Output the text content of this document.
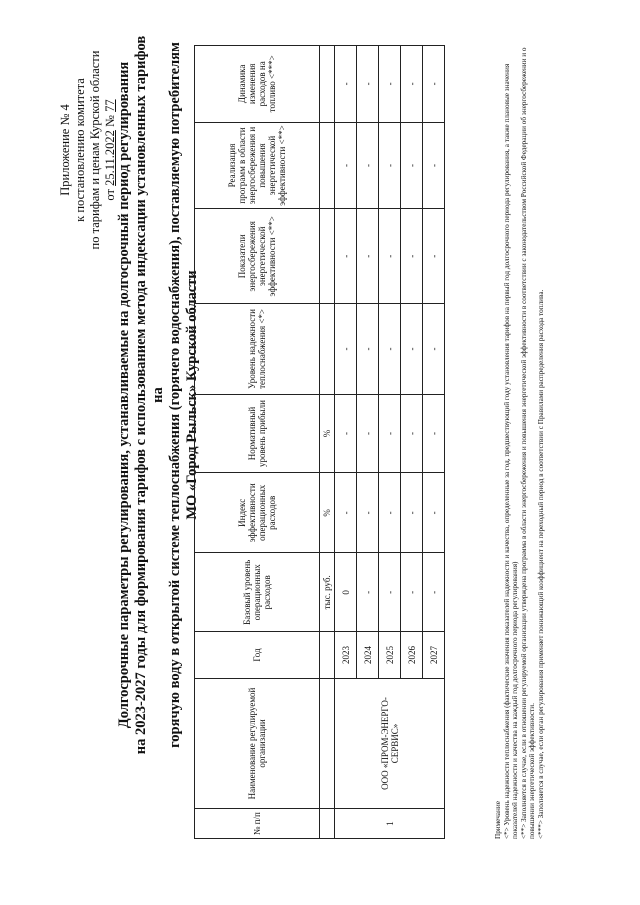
Приложение № 4 к постановлению комитета по тарифам и ценам Курской области от 25.11.2022 № 77 Долгосрочные параметры регулирования, устанавливаемые на долгосрочный период регулирования на 2023-2027 годы для формирования тарифов с использованием метода индексации установленных тарифов на горячую воду в открытой системе теплоснабжения (горячего водоснабжения), поставляемую потребителям МО «Город Рыльск» Курской области
№ п/п	Наименование регулируемой организации	Год	Базовый уровень операционных расходов	Индекс эффективности операционных расходов	Нормативный уровень прибыли	Уровень надежности теплоснабжения <*>	Показатели энергосбережения энергетической эффективности <**>	Реализация программ в области энергосбережения и повышения энергетической эффективности <**>	Динамика изменения расходов на топливо <***>
			тыс. руб.	%	%				
1	ООО «ПРОМ-ЭНЕРГО-СЕРВИС»	2023	0	-	-	-	-	-	-
		2024	-	-	-	-	-	-	-
		2025	-	-	-	-	-	-	-
		2026	-	-	-	-	-	-	-
		2027	-	-	-	-	-	-	-
Примечание <*> Уровень надежности теплоснабжения (фактические значения показателей надежности и качества, определенные за год, предшествующий году установления тарифов на первый год долгосрочного периода регулирования, а также плановые значения показателей надежности и качества на каждый год долгосрочного периода регулирования) <**> Заполняется в случае, если в отношении регулируемой организации утверждена программа в области энергосбережения и повышения энергетической эффективности в соответствии с законодательством Российской Федерации об энергосбережении и о повышении энергетической эффективности. <***> Заполняется в случае, если орган регулирования применяет понижающий коэффициент на переходный период в соответствии с Правилами распределения расхода топлива.
